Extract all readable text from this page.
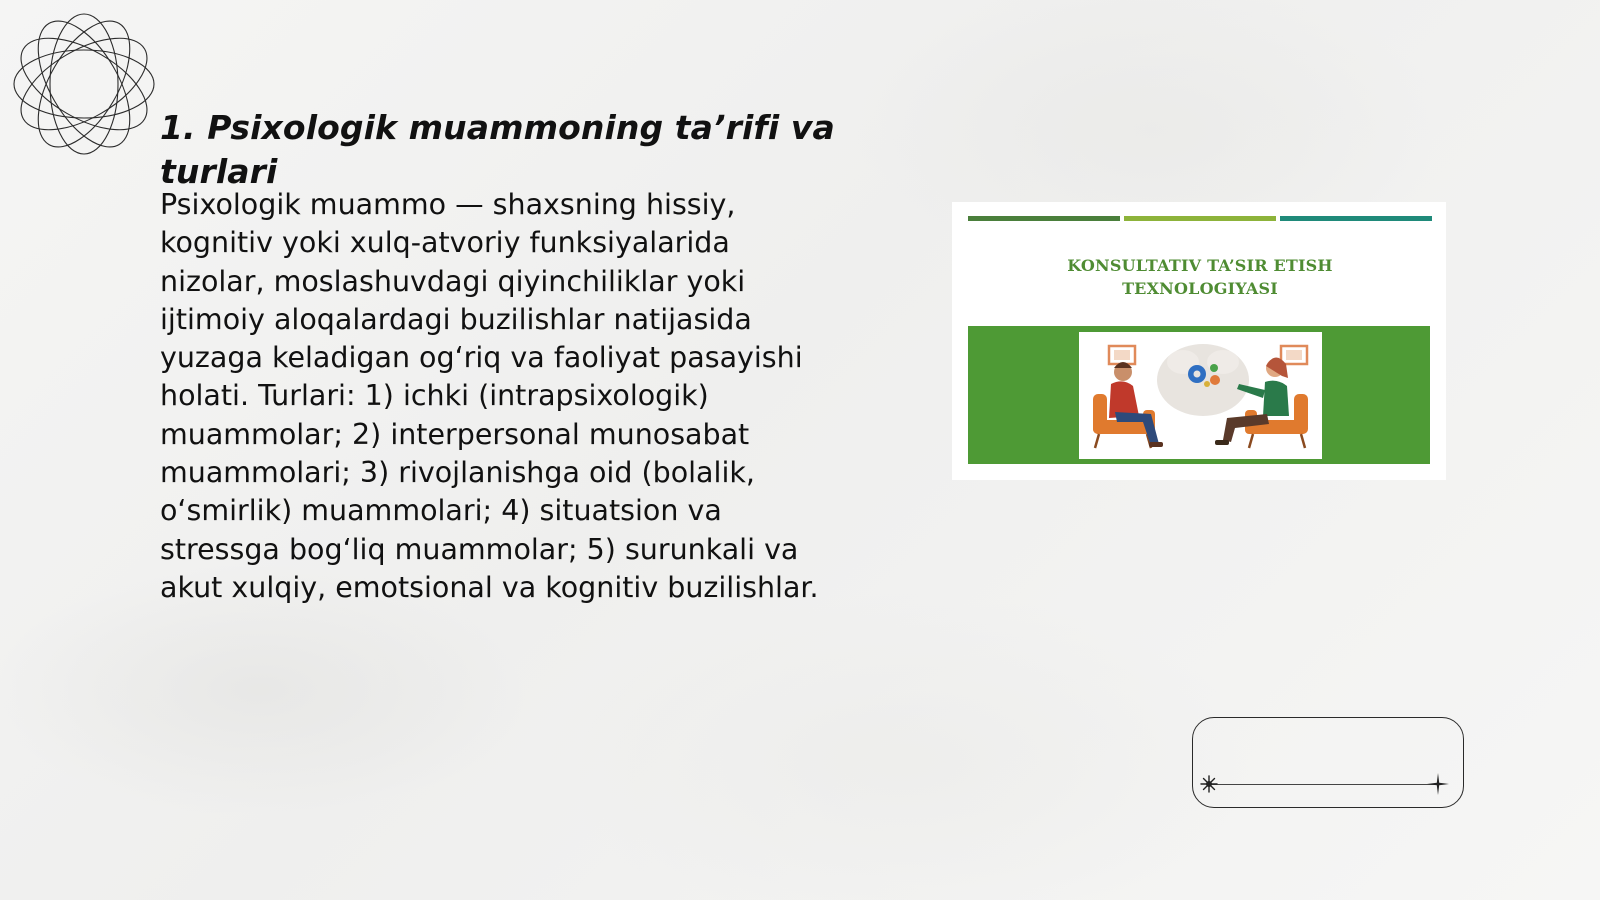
1. Psixologik muammoning ta’rifi va turlari

Psixologik muammo — shaxsning hissiy, kognitiv yoki xulq-atvoriy funksiyalarida nizolar, moslashuvdagi qiyinchiliklar yoki ijtimoiy aloqalardagi buzilishlar natijasida yuzaga keladigan og‘riq va faoliyat pasayishi holati. Turlari: 1) ichki (intrapsixologik) muammolar; 2) interpersonal munosabat muammolari; 3) rivojlanishga oid (bolalik, o‘smirlik) muammolari; 4) situatsion va stressga bog‘liq muammolar; 5) surunkali va akut xulqiy, emotsional va kognitiv buzilishlar.

KONSULTATIV TA’SIR ETISH
TEXNOLOGIYASI
